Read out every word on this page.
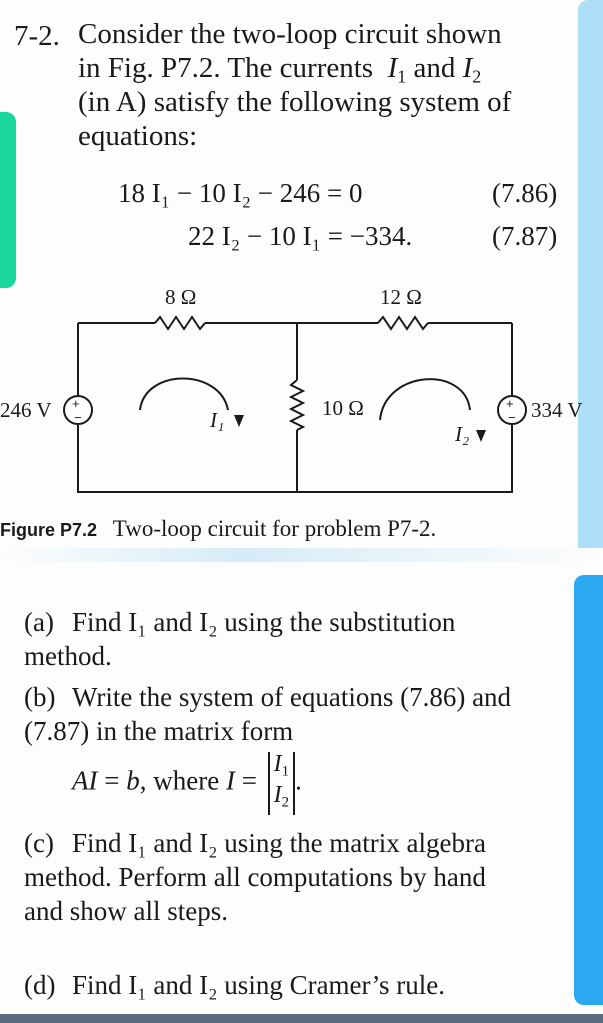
7-2. Consider the two-loop circuit shown
in Fig. P7.2. The currents $I_1$ and $I_2$
(in A) satisfy the following system of
equations:
18 I₁ − 10 I₂ − 246 = 0	(7.86)
22 I₂ − 10 I₁ = −334.	(7.87)
+
−
+
−
8 Ω	12 Ω
10 Ω
246 V	334 V
I₁
I₂
Figure P7.2 Two-loop circuit for problem P7-2.
(a) Find I₁ and I₂ using the substitution method.
(b) Write the system of equations (7.86) and (7.87) in the matrix form
AI = b, where $I = I_1$
$I_2$.
(c) Find I₁ and I₂ using the matrix algebra method. Perform all computations by hand and show all steps.
(d) Find I₁ and I₂ using Cramer’s rule.
